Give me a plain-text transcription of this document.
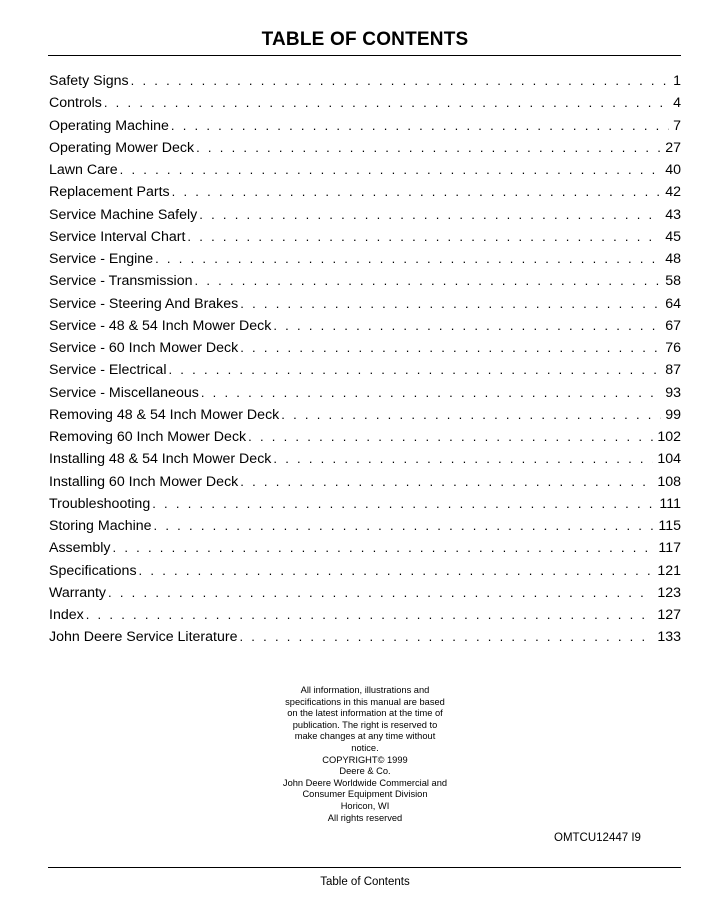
TABLE OF CONTENTS
Safety Signs . . .	1
Controls . . .	4
Operating Machine . . .	7
Operating Mower Deck . . .	27
Lawn Care . . .	40
Replacement Parts . . .	42
Service Machine Safely . . .	43
Service Interval Chart . . .	45
Service - Engine . . .	48
Service - Transmission . . .	58
Service - Steering And Brakes . . .	64
Service - 48 & 54 Inch Mower Deck . . .	67
Service - 60 Inch Mower Deck . . .	76
Service - Electrical . . .	87
Service - Miscellaneous . . .	93
Removing 48 & 54 Inch Mower Deck . . .	99
Removing 60 Inch Mower Deck . . .	102
Installing 48 & 54 Inch Mower Deck . . .	104
Installing 60 Inch Mower Deck . . .	108
Troubleshooting . . .	111
Storing Machine . . .	115
Assembly . . .	117
Specifications . . .	121
Warranty . . .	123
Index . . .	127
John Deere Service Literature . . .	133
All information, illustrations and
specifications in this manual are based
on the latest information at the time of
publication. The right is reserved to
make changes at any time without
notice.
COPYRIGHT© 1999
Deere & Co.
John Deere Worldwide Commercial and
Consumer Equipment Division
Horicon, WI
All rights reserved
OMTCU12447 I9
Table of Contents
